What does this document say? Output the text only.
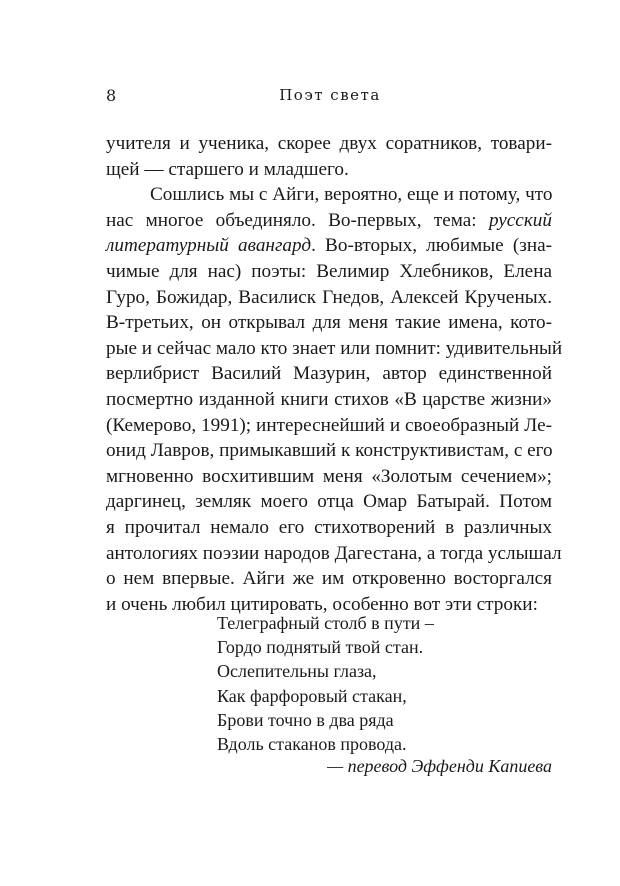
8	Поэт света

учителя и ученика, скорее двух соратников, товари-
щей — старшего и младшего.

Сошлись мы с Айги, вероятно, еще и потому, что
нас многое объединяло. Во-первых, тема: русский
литературный авангард. Во-вторых, любимые (зна-
чимые для нас) поэты: Велимир Хлебников, Елена
Гуро, Божидар, Василиск Гнедов, Алексей Крученых.
В-третьих, он открывал для меня такие имена, кото-
рые и сейчас мало кто знает или помнит: удивительный
верлибрист Василий Мазурин, автор единственной
посмертно изданной книги стихов «В царстве жизни»
(Кемерово, 1991); интереснейший и своеобразный Ле-
онид Лавров, примыкавший к конструктивистам, с его
мгновенно восхитившим меня «Золотым сечением»;
даргинец, земляк моего отца Омар Батырай. Потом
я прочитал немало его стихотворений в различных
антологиях поэзии народов Дагестана, а тогда услышал
о нем впервые. Айги же им откровенно восторгался
и очень любил цитировать, особенно вот эти строки:

Телеграфный столб в пути –
Гордо поднятый твой стан.
Ослепительны глаза,
Как фарфоровый стакан,
Брови точно в два ряда
Вдоль стаканов провода.
— перевод Эффенди Капиева
